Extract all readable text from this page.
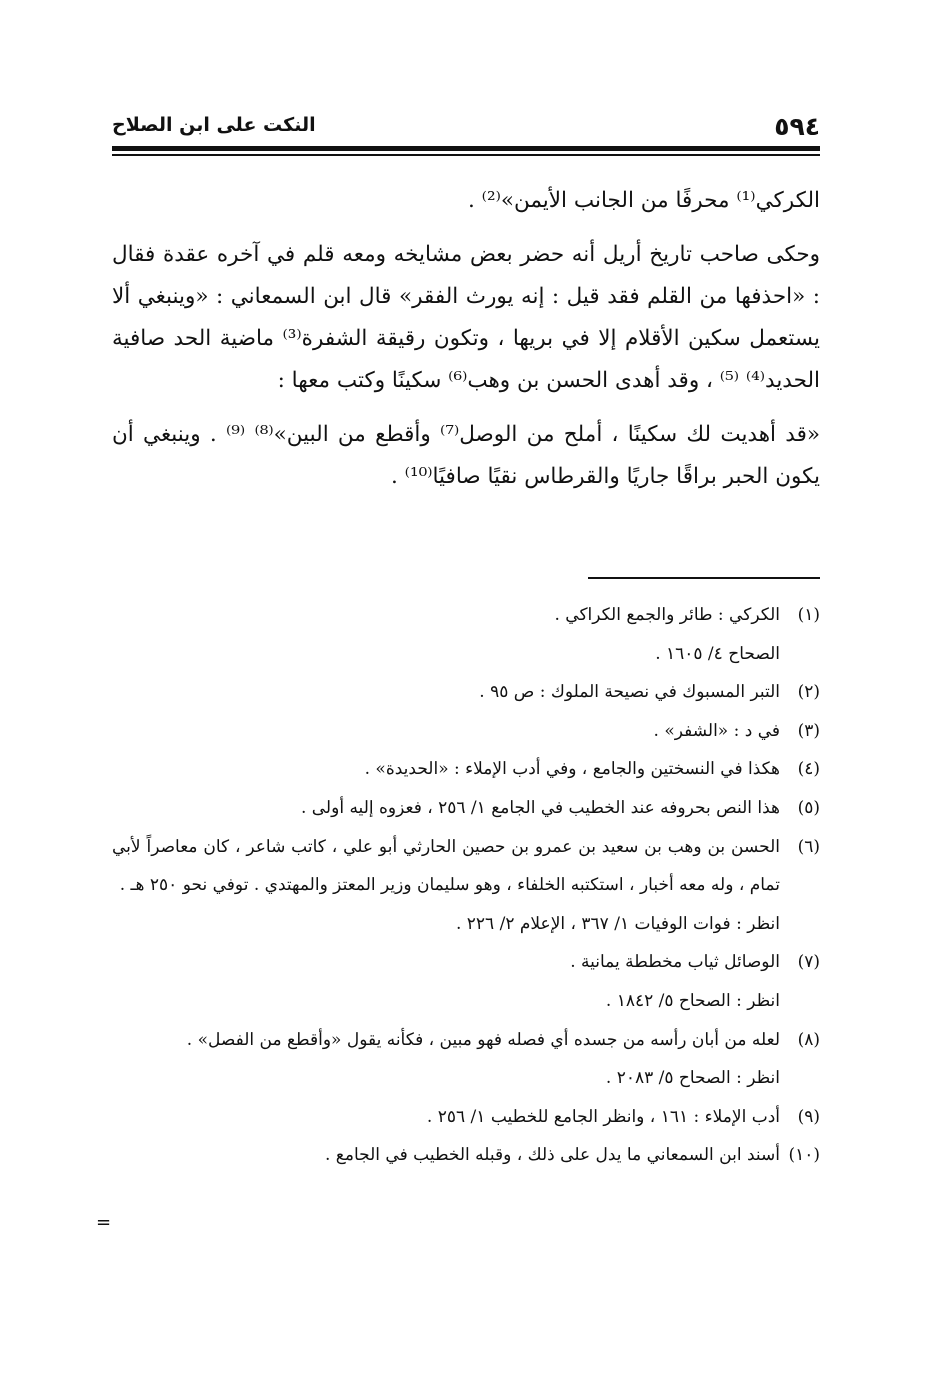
٥٩٤
النكت على ابن الصلاح

الكركي⁽¹⁾ محرفًا من الجانب الأيمن»⁽²⁾ .

وحكى صاحب تاريخ أريل أنه حضر بعض مشايخه ومعه قلم في آخره عقدة فقال : «احذفها من القلم فقد قيل : إنه يورث الفقر» قال ابن السمعاني : «وينبغي ألا يستعمل سكين الأقلام إلا في بريها ، وتكون رقيقة الشفرة⁽³⁾ ماضية الحد صافية الحديد⁽⁴⁾ ⁽⁵⁾ ، وقد أهدى الحسن بن وهب⁽⁶⁾ سكينًا وكتب معها :

«قد أهديت لك سكينًا ، أملح من الوصل⁽⁷⁾ وأقطع من البين»⁽⁸⁾ ⁽⁹⁾ . وينبغي أن يكون الحبر براقًا جاريًا والقرطاس نقيًا صافيًا⁽¹⁰⁾ .

(١)
الكركي : طائر والجمع الكراكي .
الصحاح ٤/ ١٦٠٥ .
(٢)
التبر المسبوك في نصيحة الملوك : ص ٩٥ .
(٣)
في د : «الشفر» .
(٤)
هكذا في النسختين والجامع ، وفي أدب الإملاء : «الحديدة» .
(٥)
هذا النص بحروفه عند الخطيب في الجامع ١/ ٢٥٦ ، فعزوه إليه أولى .
(٦)
الحسن بن وهب بن سعيد بن عمرو بن حصين الحارثي أبو علي ، كاتب شاعر ، كان معاصراً لأبي تمام ، وله معه أخبار ، استكتبه الخلفاء ، وهو سليمان وزير المعتز والمهتدي . توفي نحو ٢٥٠ هـ .
انظر : فوات الوفيات ١/ ٣٦٧ ، الإعلام ٢/ ٢٢٦ .
(٧)
الوصائل ثياب مخططة يمانية .
انظر : الصحاح ٥/ ١٨٤٢ .
(٨)
لعله من أبان رأسه من جسده أي فصله فهو مبين ، فكأنه يقول «وأقطع من الفصل» .
انظر : الصحاح ٥/ ٢٠٨٣ .
(٩)
أدب الإملاء : ١٦١ ، وانظر الجامع للخطيب ١/ ٢٥٦ .
(١٠)
أسند ابن السمعاني ما يدل على ذلك ، وقبله الخطيب في الجامع .
=
